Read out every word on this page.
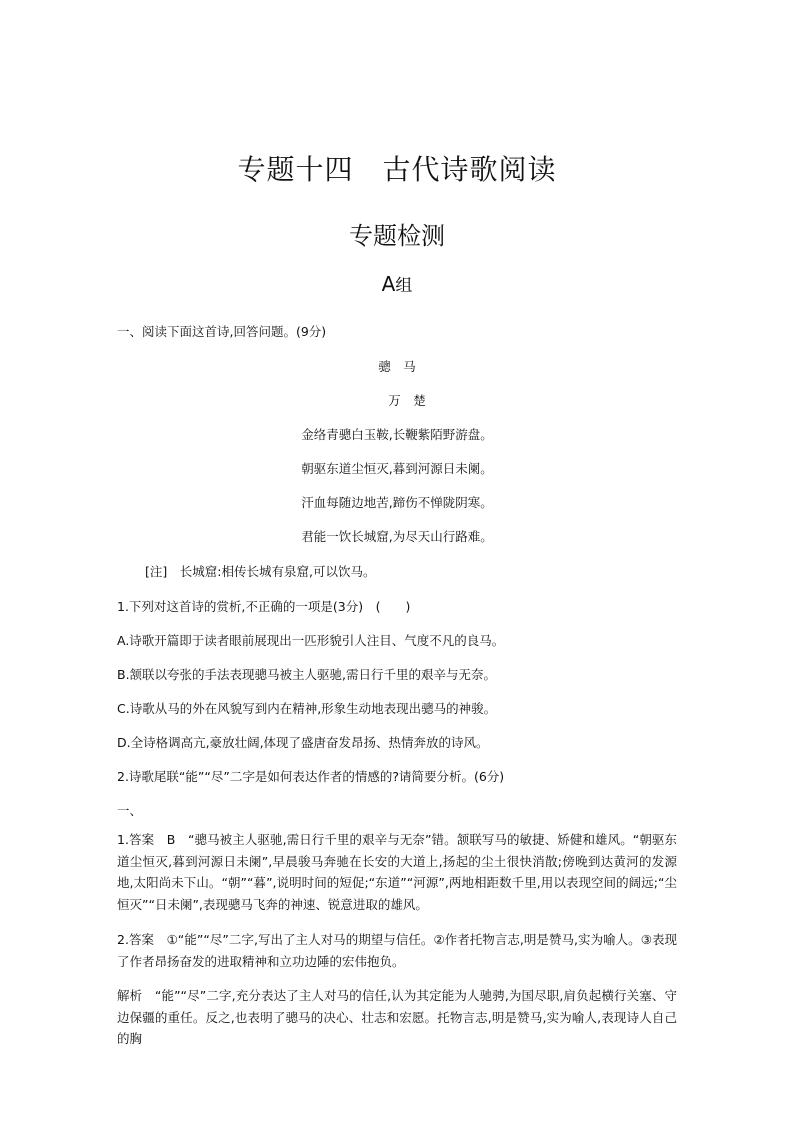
专题十四　古代诗歌阅读
专题检测
A组
一、阅读下面这首诗,回答问题。(9分)
骢　马
万　楚
金络青骢白玉鞍,长鞭紫陌野游盘。
朝驱东道尘恒灭,暮到河源日未阑。
汗血每随边地苦,蹄伤不惮陇阴寒。
君能一饮长城窟,为尽天山行路难。
[注]　长城窟:相传长城有泉窟,可以饮马。
1.下列对这首诗的赏析,不正确的一项是(3分)　(　　)
A.诗歌开篇即于读者眼前展现出一匹形貌引人注目、气度不凡的良马。
B.颔联以夸张的手法表现骢马被主人驱驰,需日行千里的艰辛与无奈。
C.诗歌从马的外在风貌写到内在精神,形象生动地表现出骢马的神骏。
D.全诗格调高亢,豪放壮阔,体现了盛唐奋发昂扬、热情奔放的诗风。
2.诗歌尾联“能”“尽”二字是如何表达作者的情感的?请简要分析。(6分)
一、
1.答案　B　“骢马被主人驱驰,需日行千里的艰辛与无奈”错。颔联写马的敏捷、矫健和雄风。“朝驱东道尘恒灭,暮到河源日未阑”,早晨骏马奔驰在长安的大道上,扬起的尘土很快消散;傍晚到达黄河的发源地,太阳尚未下山。“朝”“暮”,说明时间的短促;“东道”“河源”,两地相距数千里,用以表现空间的阔远;“尘恒灭”“日未阑”,表现骢马飞奔的神速、锐意进取的雄风。
2.答案　①“能”“尽”二字,写出了主人对马的期望与信任。②作者托物言志,明是赞马,实为喻人。③表现了作者昂扬奋发的进取精神和立功边陲的宏伟抱负。
解析　“能”“尽”二字,充分表达了主人对马的信任,认为其定能为人驰骋,为国尽职,肩负起横行关塞、守边保疆的重任。反之,也表明了骢马的决心、壮志和宏愿。托物言志,明是赞马,实为喻人,表现诗人自己的胸
